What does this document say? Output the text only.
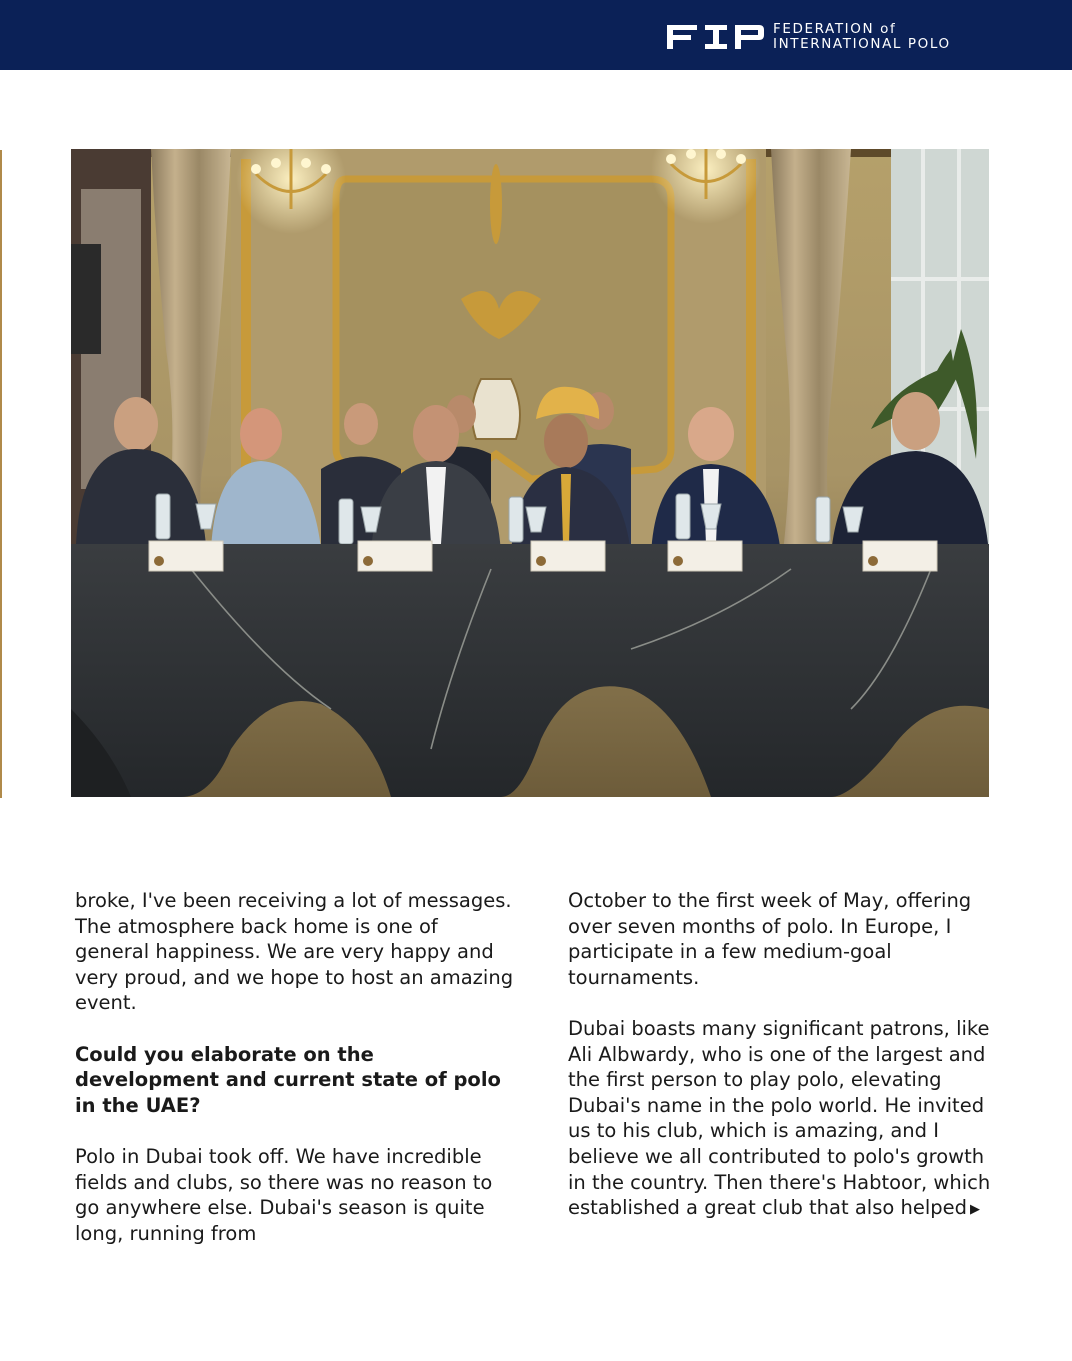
FEDERATION of
INTERNATIONAL POLO

broke, I've been receiving a lot of messages. The atmosphere back home is one of general happiness. We are very happy and very proud, and we hope to host an amazing event.

Could you elaborate on the development and current state of polo in the UAE?

Polo in Dubai took off. We have incredible fields and clubs, so there was no reason to go anywhere else. Dubai's season is quite long, running from

October to the first week of May, offering over seven months of polo. In Europe, I participate in a few medium-goal tournaments.

Dubai boasts many significant patrons, like Ali Albwardy, who is one of the largest and the first person to play polo, elevating Dubai's name in the polo world. He invited us to his club, which is amazing, and I believe we all contributed to polo's growth in the country. Then there's Habtoor, which established a great club that also helped ▶
